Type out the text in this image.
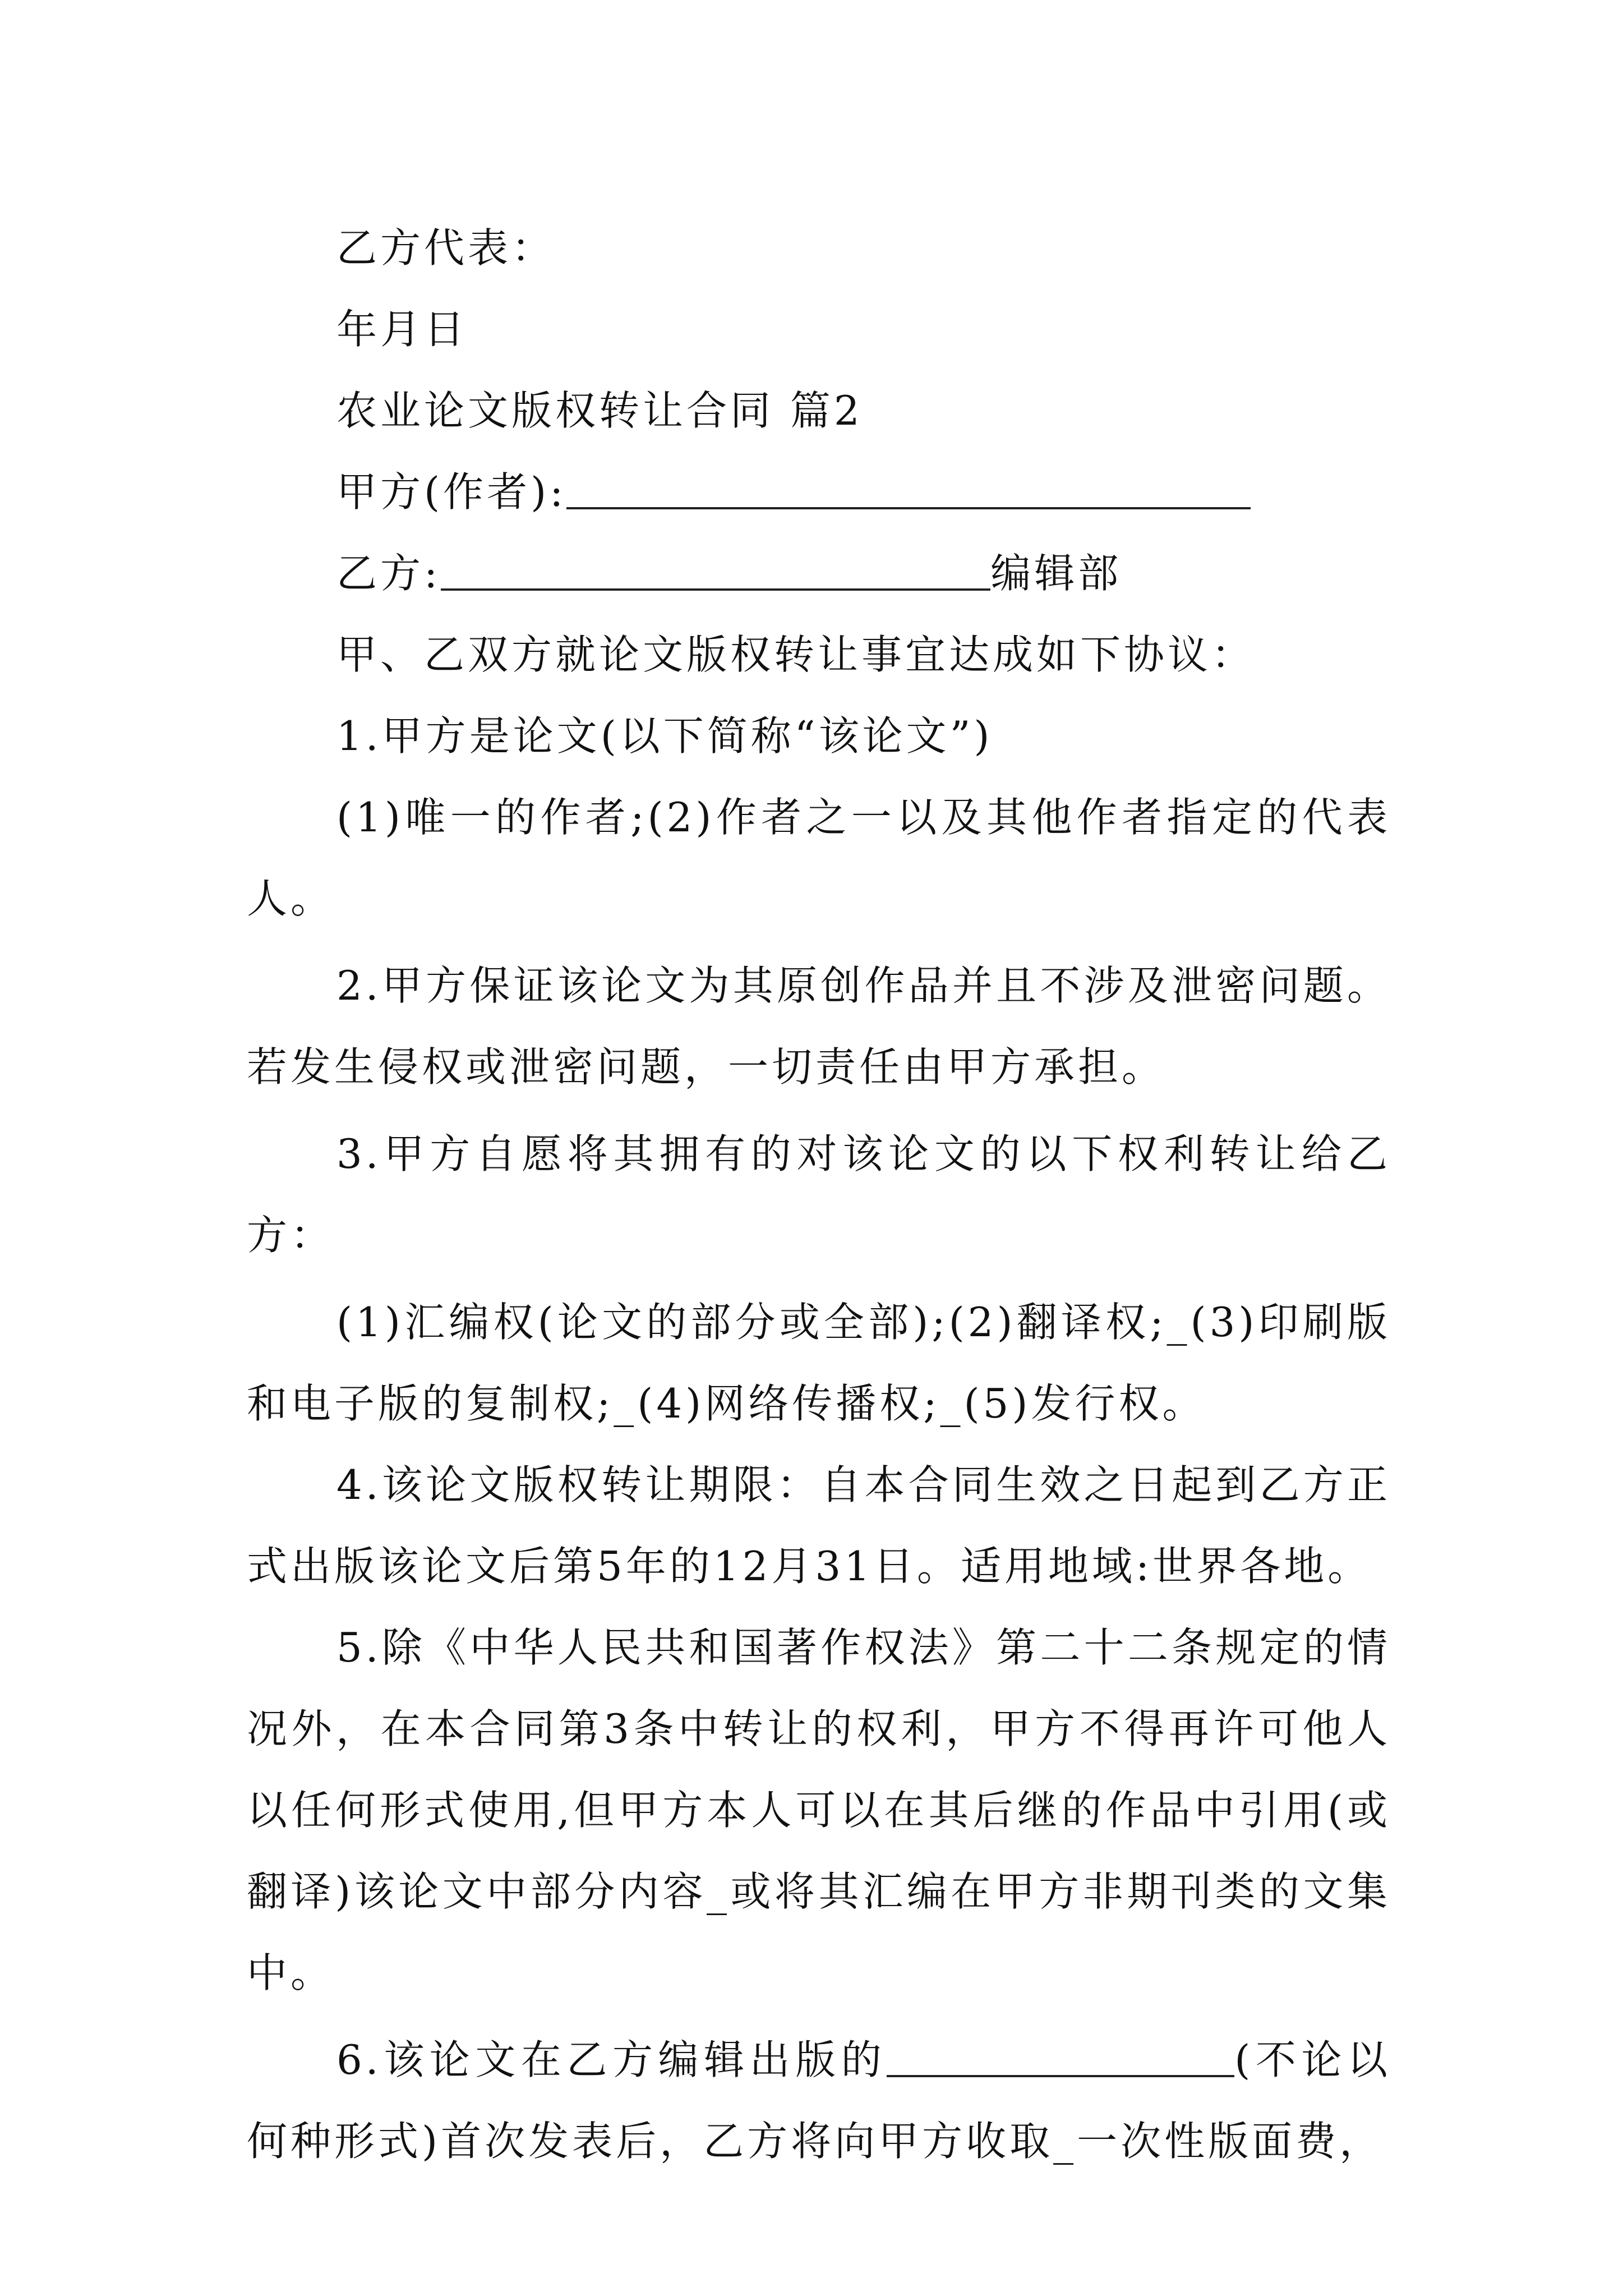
乙方代表：
年月日
农业论文版权转让合同 篇2
甲方(作者):
乙方:	编辑部
甲、乙双方就论文版权转让事宜达成如下协议：
1.甲方是论文(以下简称“该论文”)
(1)唯一的作者;(2)作者之一以及其他作者指定的代表人。
2.甲方保证该论文为其原创作品并且不涉及泄密问题。若发生侵权或泄密问题，一切责任由甲方承担。
3.甲方自愿将其拥有的对该论文的以下权利转让给乙方：
(1)汇编权(论文的部分或全部);(2)翻译权;_(3)印刷版和电子版的复制权;_(4)网络传播权;_(5)发行权。
4.该论文版权转让期限：自本合同生效之日起到乙方正式出版该论文后第5年的12月31日。适用地域:世界各地。
5.除《中华人民共和国著作权法》第二十二条规定的情况外，在本合同第3条中转让的权利，甲方不得再许可他人以任何形式使用,但甲方本人可以在其后继的作品中引用(或翻译)该论文中部分内容_或将其汇编在甲方非期刊类的文集中。
6.该论文在乙方编辑出版的	(不论以何种形式)首次发表后，乙方将向甲方收取_一次性版面费，
